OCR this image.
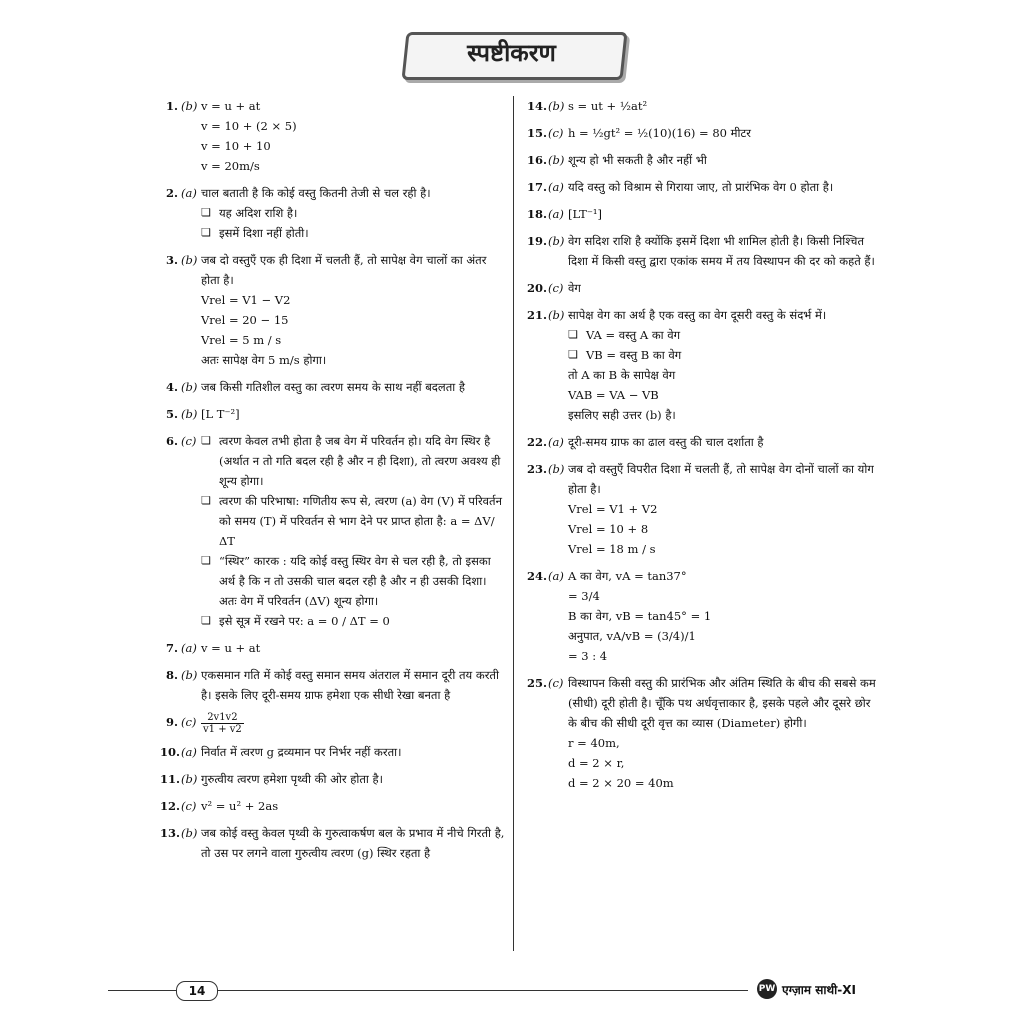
स्पष्टीकरण
1. (b) v = u + at
v = 10 + (2 × 5)
v = 10 + 10
v = 20m/s
2. (a) चाल बताती है कि कोई वस्तु कितनी तेजी से चल रही है।
❏ यह अदिश राशि है।
❏ इसमें दिशा नहीं होती।
3. (b) जब दो वस्तुएँ एक ही दिशा में चलती हैं, तो सापेक्ष वेग चालों का अंतर होता है।
Vrel = V1 − V2
Vrel = 20 − 15
Vrel = 5 m / s
अतः सापेक्ष वेग 5 m/s होगा।
4. (b) जब किसी गतिशील वस्तु का त्वरण समय के साथ नहीं बदलता है
5. (b) [L T⁻²]
6. (c)
❏	त्वरण केवल तभी होता है जब वेग में परिवर्तन हो। यदि वेग स्थिर है (अर्थात न तो गति बदल रही है और न ही दिशा), तो त्वरण अवश्य ही शून्य होगा।
❏ त्वरण की परिभाषा: गणितीय रूप से, त्वरण (a) वेग (V) में परिवर्तन को समय (T) में परिवर्तन से भाग देने पर प्राप्त होता है: a = ΔV/ΔT
❏ “स्थिर” कारक : यदि कोई वस्तु स्थिर वेग से चल रही है, तो इसका अर्थ है कि न तो उसकी चाल बदल रही है और न ही उसकी दिशा। अतः वेग में परिवर्तन (ΔV) शून्य होगा।
❏ इसे सूत्र में रखने पर: a = 0 / ΔT = 0
7. (a) v = u + at
8. (b) एकसमान गति में कोई वस्तु समान समय अंतराल में समान दूरी तय करती है। इसके लिए दूरी-समय ग्राफ हमेशा एक सीधी रेखा बनता है
9. $(c) \frac{2v1v2}{v1 + v2}$
10.(a) निर्वात में त्वरण g द्रव्यमान पर निर्भर नहीं करता।
11.(b) गुरुत्वीय त्वरण हमेशा पृथ्वी की ओर होता है।
12.(c) v² = u² + 2as
13.(b) जब कोई वस्तु केवल पृथ्वी के गुरुत्वाकर्षण बल के प्रभाव में नीचे गिरती है, तो उस पर लगने वाला गुरुत्वीय त्वरण (g) स्थिर रहता है
14.(b) s = ut + ½at²
15.(c) h = ½gt² = ½(10)(16) = 80 मीटर
16.(b) शून्य हो भी सकती है और नहीं भी
17.(a) यदि वस्तु को विश्राम से गिराया जाए, तो प्रारंभिक वेग 0 होता है।
18.(a) [LT⁻¹]
19.(b) वेग सदिश राशि है क्योंकि इसमें दिशा भी शामिल होती है। किसी निश्चित दिशा में किसी वस्तु द्वारा एकांक समय में तय विस्थापन की दर को कहते हैं।
20.(c) वेग
21.(b) सापेक्ष वेग का अर्थ है एक वस्तु का वेग दूसरी वस्तु के संदर्भ में।
❏ VA = वस्तु A का वेग
❏ VB = वस्तु B का वेग
तो A का B के सापेक्ष वेग
VAB = VA − VB
इसलिए सही उत्तर (b) है।
22.(a) दूरी-समय ग्राफ का ढाल वस्तु की चाल दर्शाता है
23.(b) जब दो वस्तुएँ विपरीत दिशा में चलती हैं, तो सापेक्ष वेग दोनों चालों का योग होता है।
Vrel = V1 + V2
Vrel = 10 + 8
Vrel = 18 m / s
24.(a) A का वेग, vA = tan37°
= 3/4
B का वेग, vB = tan45° = 1
अनुपात, vA/vB = (3/4)/1
= 3 : 4
25.(c) विस्थापन किसी वस्तु की प्रारंभिक और अंतिम स्थिति के बीच की सबसे कम (सीधी) दूरी होती है। चूँकि पथ अर्धवृत्ताकार है, इसके पहले और दूसरे छोर के बीच की सीधी दूरी वृत्त का व्यास (Diameter) होगी।
r = 40m,
d = 2 × r,
d = 2 × 20 = 40m
14	PW एग्ज़ाम साथी-XI
